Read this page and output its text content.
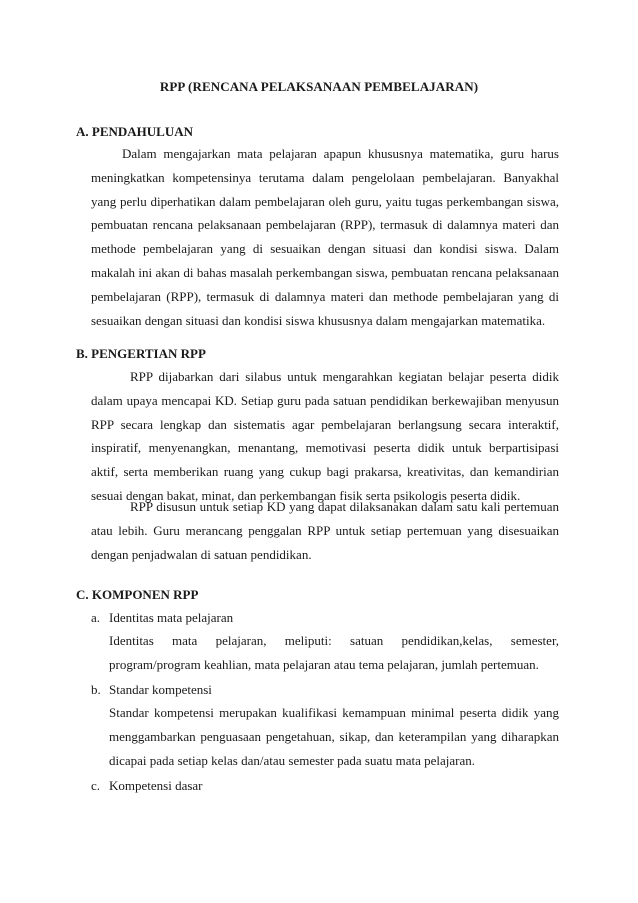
RPP (RENCANA PELAKSANAAN PEMBELAJARAN)
A. PENDAHULUAN
Dalam mengajarkan mata pelajaran apapun khususnya matematika, guru harus meningkatkan kompetensinya terutama dalam pengelolaan pembelajaran. Banyakhal yang perlu diperhatikan dalam pembelajaran oleh guru, yaitu tugas perkembangan siswa, pembuatan rencana pelaksanaan pembelajaran (RPP), termasuk di dalamnya materi dan methode pembelajaran yang di sesuaikan dengan situasi dan kondisi siswa. Dalam makalah ini akan di bahas masalah perkembangan siswa, pembuatan rencana pelaksanaan pembelajaran (RPP), termasuk di dalamnya materi dan methode pembelajaran yang di sesuaikan dengan situasi dan kondisi siswa khususnya dalam mengajarkan matematika.
B. PENGERTIAN RPP
RPP dijabarkan dari silabus untuk mengarahkan kegiatan belajar peserta didik dalam upaya mencapai KD. Setiap guru pada satuan pendidikan berkewajiban menyusun RPP secara lengkap dan sistematis agar pembelajaran berlangsung secara interaktif, inspiratif, menyenangkan, menantang, memotivasi peserta didik untuk berpartisipasi aktif, serta memberikan ruang yang cukup bagi prakarsa, kreativitas, dan kemandirian sesuai dengan bakat, minat, dan perkembangan fisik serta psikologis peserta didik.
RPP disusun untuk setiap KD yang dapat dilaksanakan dalam satu kali pertemuan atau lebih. Guru merancang penggalan RPP untuk setiap pertemuan yang disesuaikan dengan penjadwalan di satuan pendidikan.
C. KOMPONEN RPP
a. Identitas mata pelajaran
Identitas mata pelajaran, meliputi: satuan pendidikan,kelas, semester, program/program keahlian, mata pelajaran atau tema pelajaran, jumlah pertemuan.
b. Standar kompetensi
Standar kompetensi merupakan kualifikasi kemampuan minimal peserta didik yang menggambarkan penguasaan pengetahuan, sikap, dan keterampilan yang diharapkan dicapai pada setiap kelas dan/atau semester pada suatu mata pelajaran.
c. Kompetensi dasar
